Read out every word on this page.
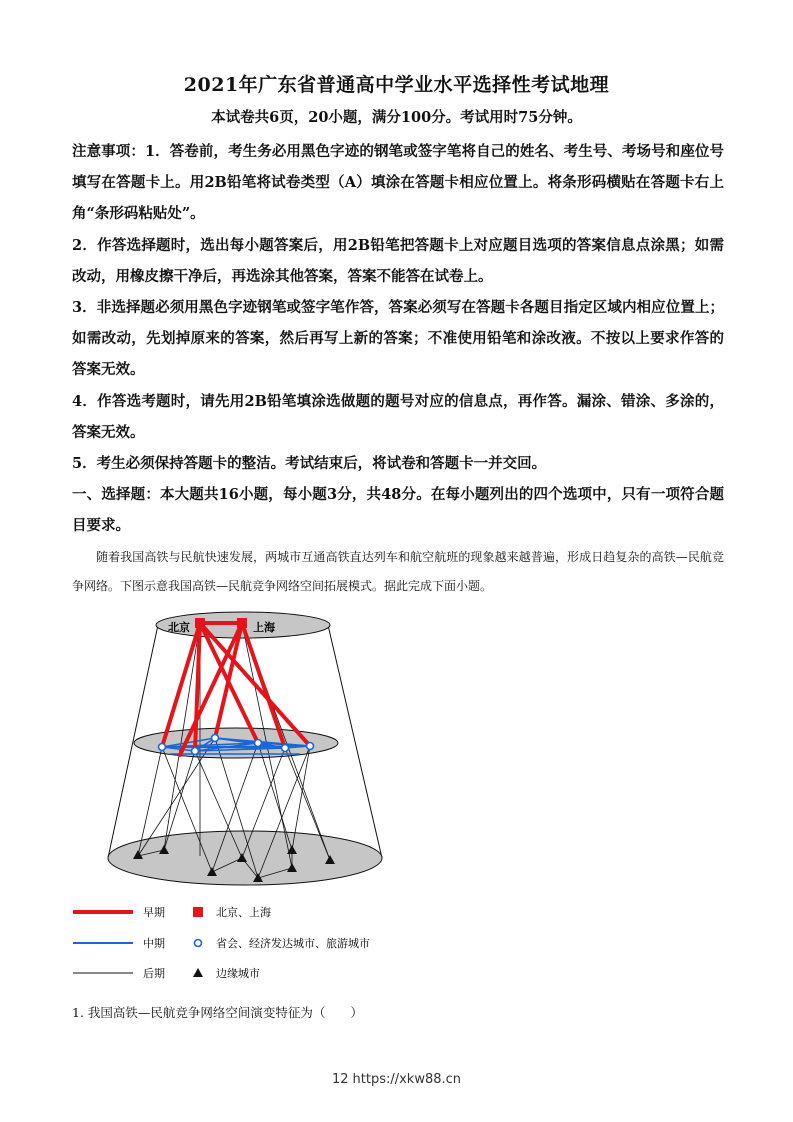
2021年广东省普通高中学业水平选择性考试地理
本试卷共6页，20小题，满分100分。考试用时75分钟。

注意事项：1．答卷前，考生务必用黑色字迹的钢笔或签字笔将自己的姓名、考生号、考场号和座位号填写在答题卡上。用2B铅笔将试卷类型（A）填涂在答题卡相应位置上。将条形码横贴在答题卡右上角“条形码粘贴处”。

2．作答选择题时，选出每小题答案后，用2B铅笔把答题卡上对应题目选项的答案信息点涂黑；如需改动，用橡皮擦干净后，再选涂其他答案，答案不能答在试卷上。

3．非选择题必须用黑色字迹钢笔或签字笔作答，答案必须写在答题卡各题目指定区域内相应位置上；如需改动，先划掉原来的答案，然后再写上新的答案；不准使用铅笔和涂改液。不按以上要求作答的答案无效。

4．作答选考题时，请先用2B铅笔填涂选做题的题号对应的信息点，再作答。漏涂、错涂、多涂的，答案无效。

5．考生必须保持答题卡的整洁。考试结束后，将试卷和答题卡一并交回。

一、选择题：本大题共16小题，每小题3分，共48分。在每小题列出的四个选项中，只有一项符合题目要求。

随着我国高铁与民航快速发展，两城市互通高铁直达列车和航空航班的现象越来越普遍，形成日趋复杂的高铁—民航竞争网络。下图示意我国高铁—民航竞争网络空间拓展模式。据此完成下面小题。
北京	上海
早期	北京、上海
中期	省会、经济发达城市、旅游城市
后期	边缘城市
1. 我国高铁—民航竞争网络空间演变特征为（　　）
12 https://xkw88.cn
